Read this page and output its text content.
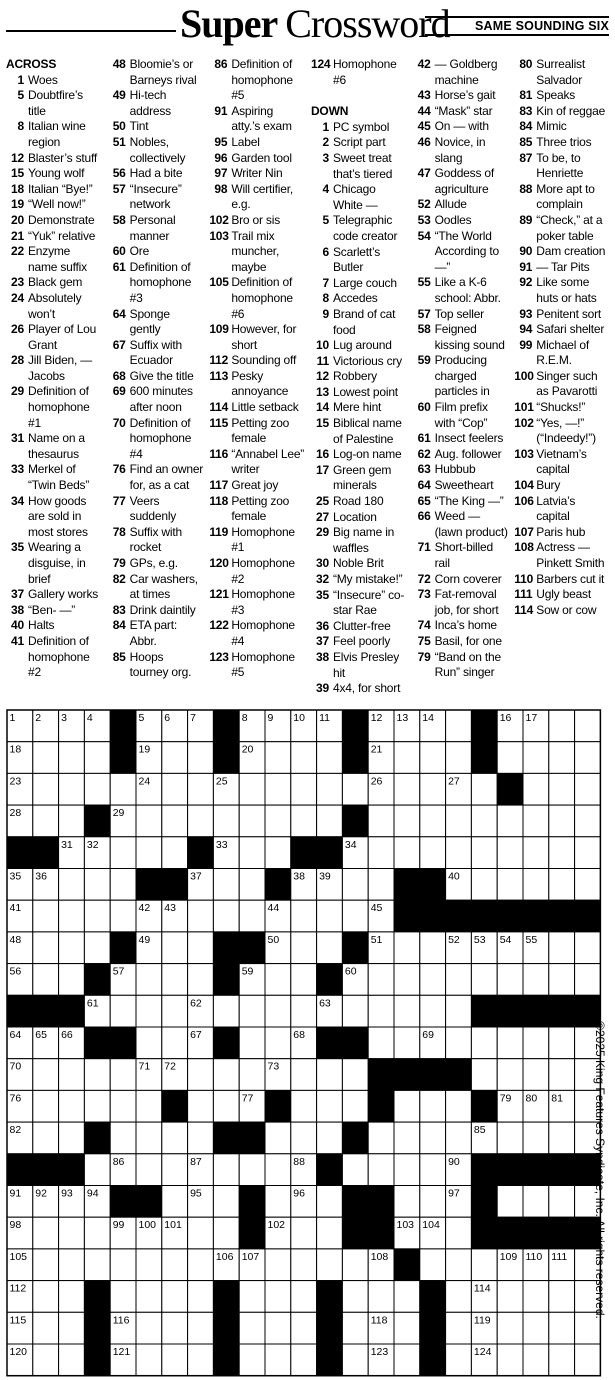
Super Crossword	SAME SOUNDING SIX
ACROSS
1 Woes
5 Doubtfire’s title
8 Italian wine region
12 Blaster’s stuff
15 Young wolf
18 Italian “Bye!”
19 “Well now!”
20 Demonstrate
21 “Yuk” relative
22 Enzyme name suffix
23 Black gem
24 Absolutely won’t
26 Player of Lou Grant
28 Jill Biden, — Jacobs
29 Definition of homophone #1
31 Name on a thesaurus
33 Merkel of “Twin Beds”
34 How goods are sold in most stores
35 Wearing a disguise, in brief
37 Gallery works
38 “Ben- —”
40 Halts
41 Definition of homophone #2
48 Bloomie’s or Barneys rival
49 Hi-tech address
50 Tint
51 Nobles, collectively
56 Had a bite
57 “Insecure” network
58 Personal manner
60 Ore
61 Definition of homophone #3
64 Sponge gently
67 Suffix with Ecuador
68 Give the title
69 600 minutes after noon
70 Definition of homophone #4
76 Find an owner for, as a cat
77 Veers suddenly
78 Suffix with rocket
79 GPs, e.g.
82 Car washers, at times
83 Drink daintily
84 ETA part: Abbr.
85 Hoops tourney org.
86 Definition of homophone #5
91 Aspiring atty.’s exam
95 Label
96 Garden tool
97 Writer Nin
98 Will certifier, e.g.
102 Bro or sis
103 Trail mix muncher, maybe
105 Definition of homophone #6
109 However, for short
112 Sounding off
113 Pesky annoyance
114 Little setback
115 Petting zoo female
116 “Annabel Lee” writer
117 Great joy
118 Petting zoo female
119 Homophone #1
120 Homophone #2
121 Homophone #3
122 Homophone #4
123 Homophone #5
124 Homophone #6
DOWN
1 PC symbol
2 Script part
3 Sweet treat that’s tiered
4 Chicago White —
5 Telegraphic code creator
6 Scarlett’s Butler
7 Large couch
8 Accedes
9 Brand of cat food
10 Lug around
11 Victorious cry
12 Robbery
13 Lowest point
14 Mere hint
15 Biblical name of Palestine
16 Log-on name
17 Green gem minerals
25 Road 180
27 Location
29 Big name in waffles
30 Noble Brit
32 “My mistake!”
35 “Insecure” co-star Rae
36 Clutter-free
37 Feel poorly
38 Elvis Presley hit
39 4x4, for short
42 — Goldberg machine
43 Horse’s gait
44 “Mask” star
45 On — with
46 Novice, in slang
47 Goddess of agriculture
52 Allude
53 Oodles
54 “The World According to —”
55 Like a K-6 school: Abbr.
57 Top seller
58 Feigned kissing sound
59 Producing charged particles in
60 Film prefix with “Cop”
61 Insect feelers
62 Aug. follower
63 Hubbub
64 Sweetheart
65 “The King —”
66 Weed — (lawn product)
71 Short-billed rail
72 Corn coverer
73 Fat-removal job, for short
74 Inca’s home
75 Basil, for one
79 “Band on the Run” singer
80 Surrealist Salvador
81 Speaks
83 Kin of reggae
84 Mimic
85 Three trios
87 To be, to Henriette
88 More apt to complain
89 “Check,” at a poker table
90 Dam creation
91 — Tar Pits
92 Like some huts or hats
93 Penitent sort
94 Safari shelter
99 Michael of R.E.M.
100 Singer such as Pavarotti
101 “Shucks!”
102 “Yes, —!” (“Indeedy!”)
103 Vietnam’s capital
104 Bury
106 Latvia’s capital
107 Paris hub
108 Actress — Pinkett Smith
110 Barbers cut it
111 Ugly beast
114 Sow or cow
1 2 3 4	5 6 7	8 9 10 11	12 13 14	15 16 17
18	19	20	21	22
23	24	25	26	27
28	29	30
31 32	33	34
35 36	37	38 39	40
41	42 43	44	45 46 47
48	49	50	51	52 53 54 55
56	57	58 59	60
61	62	63
64 65 66	67	68	69
70	71 72	73	74 75
76	77	78	79 80 81
82	83	84	85
86	87	88 89	90
91 92 93 94	95	96	97
98	99 100 101	102	103 104
105	106 107	108	109 110 111
112	113	114
115	116	117	118	119
120	121	122	123	124
©2025 King Features Syndicate, Inc. All rights reserved.
